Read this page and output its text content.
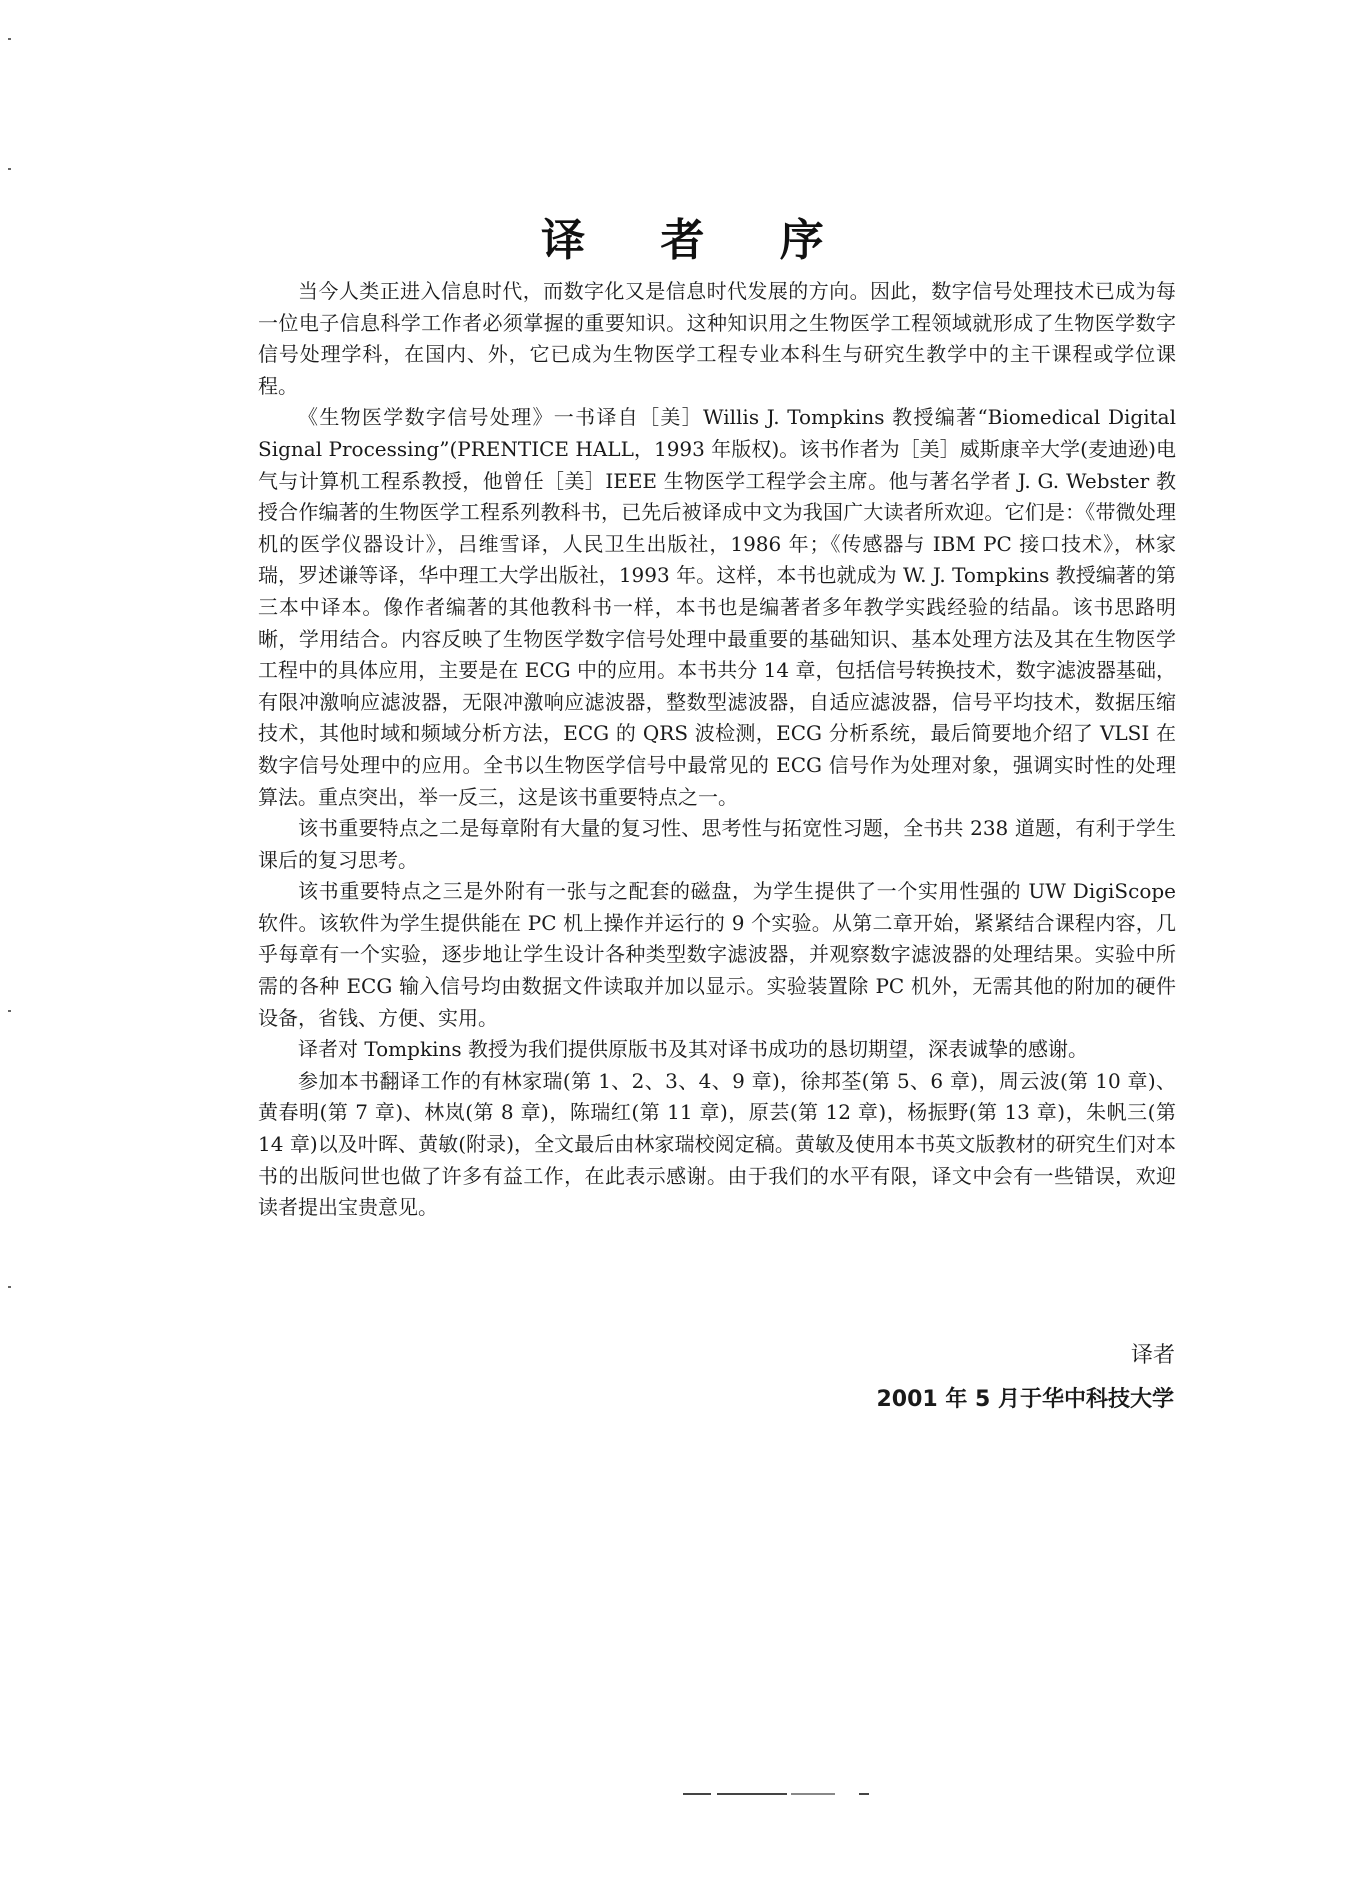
译 者 序

当今人类正进入信息时代，而数字化又是信息时代发展的方向。因此，数字信号处理技术已成为每一位电子信息科学工作者必须掌握的重要知识。这种知识用之生物医学工程领域就形成了生物医学数字信号处理学科，在国内、外，它已成为生物医学工程专业本科生与研究生教学中的主干课程或学位课程。

《生物医学数字信号处理》一书译自［美］Willis J. Tompkins 教授编著“Biomedical Digital Signal Processing”(PRENTICE HALL，1993 年版权)。该书作者为［美］威斯康辛大学(麦迪逊)电气与计算机工程系教授，他曾任［美］IEEE 生物医学工程学会主席。他与著名学者 J. G. Webster 教授合作编著的生物医学工程系列教科书，已先后被译成中文为我国广大读者所欢迎。它们是：《带微处理机的医学仪器设计》，吕维雪译，人民卫生出版社，1986 年；《传感器与 IBM PC 接口技术》，林家瑞，罗述谦等译，华中理工大学出版社，1993 年。这样，本书也就成为 W. J. Tompkins 教授编著的第三本中译本。像作者编著的其他教科书一样，本书也是编著者多年教学实践经验的结晶。该书思路明晰，学用结合。内容反映了生物医学数字信号处理中最重要的基础知识、基本处理方法及其在生物医学工程中的具体应用，主要是在 ECG 中的应用。本书共分 14 章，包括信号转换技术，数字滤波器基础，有限冲激响应滤波器，无限冲激响应滤波器，整数型滤波器，自适应滤波器，信号平均技术，数据压缩技术，其他时域和频域分析方法，ECG 的 QRS 波检测，ECG 分析系统，最后简要地介绍了 VLSI 在数字信号处理中的应用。全书以生物医学信号中最常见的 ECG 信号作为处理对象，强调实时性的处理算法。重点突出，举一反三，这是该书重要特点之一。

该书重要特点之二是每章附有大量的复习性、思考性与拓宽性习题，全书共 238 道题，有利于学生课后的复习思考。

该书重要特点之三是外附有一张与之配套的磁盘，为学生提供了一个实用性强的 UW DigiScope 软件。该软件为学生提供能在 PC 机上操作并运行的 9 个实验。从第二章开始，紧紧结合课程内容，几乎每章有一个实验，逐步地让学生设计各种类型数字滤波器，并观察数字滤波器的处理结果。实验中所需的各种 ECG 输入信号均由数据文件读取并加以显示。实验装置除 PC 机外，无需其他的附加的硬件设备，省钱、方便、实用。

译者对 Tompkins 教授为我们提供原版书及其对译书成功的恳切期望，深表诚挚的感谢。

参加本书翻译工作的有林家瑞(第 1、2、3、4、9 章)，徐邦荃(第 5、6 章)，周云波(第 10 章)、黄春明(第 7 章)、林岚(第 8 章)，陈瑞红(第 11 章)，原芸(第 12 章)，杨振野(第 13 章)，朱帆三(第 14 章)以及叶晖、黄敏(附录)，全文最后由林家瑞校阅定稿。黄敏及使用本书英文版教材的研究生们对本书的出版问世也做了许多有益工作，在此表示感谢。由于我们的水平有限，译文中会有一些错误，欢迎读者提出宝贵意见。

译者
2001 年 5 月于华中科技大学
